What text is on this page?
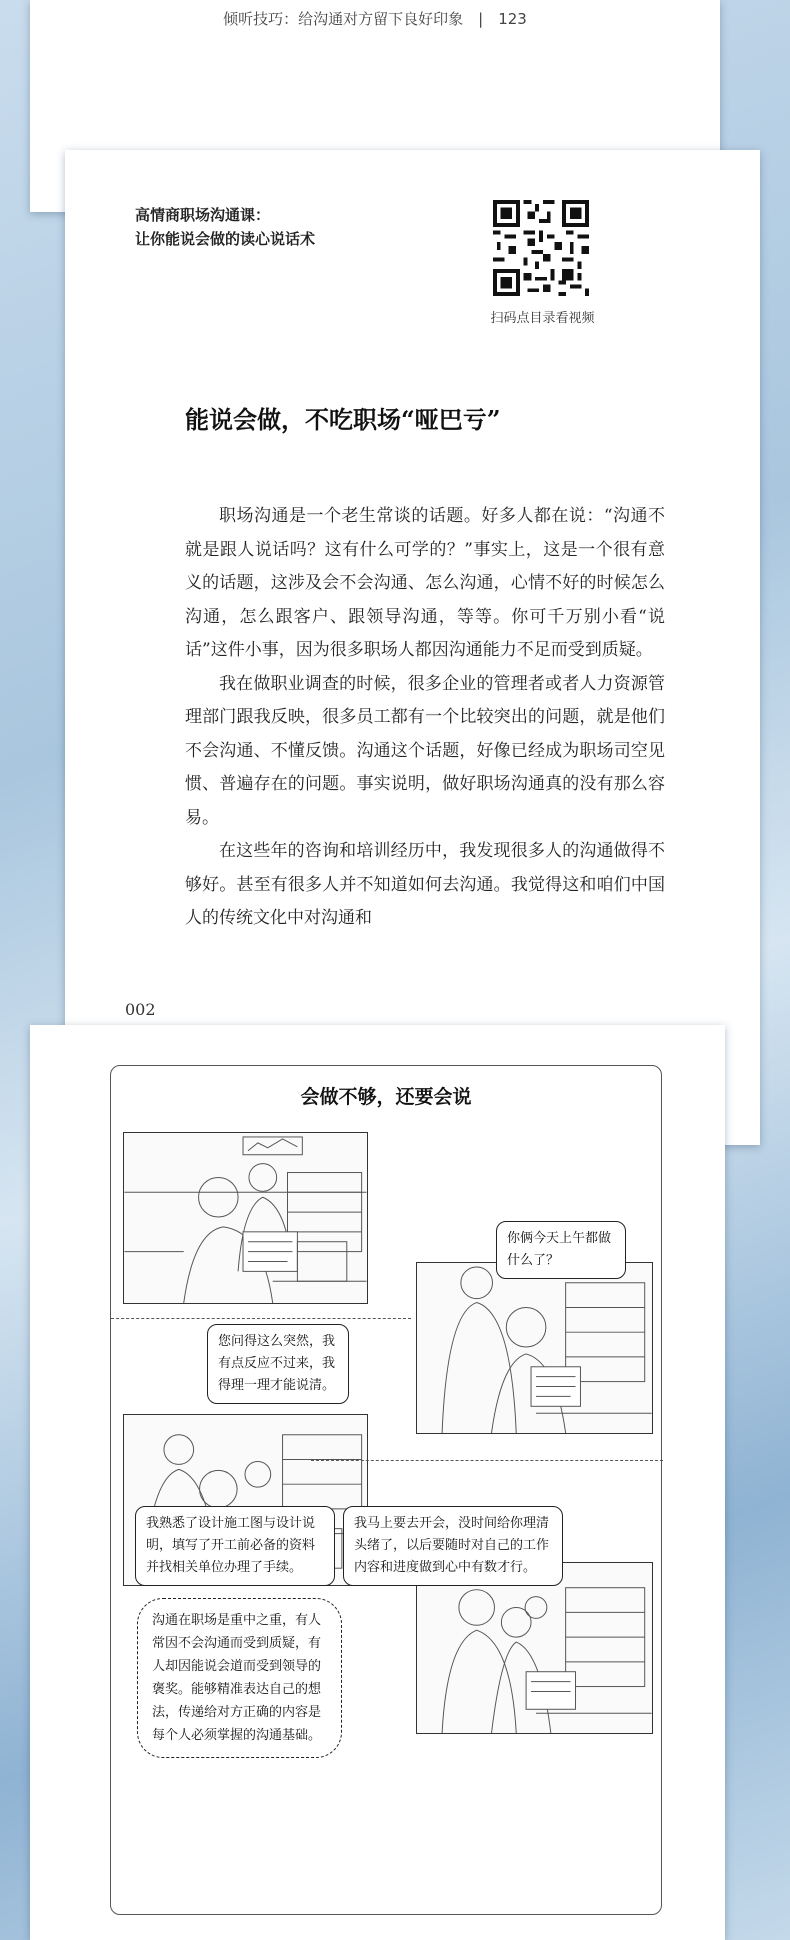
倾听技巧：给沟通对方留下良好印象　|　123
高情商职场沟通课：
让你能说会做的读心说话术
扫码点目录看视频
能说会做，不吃职场“哑巴亏”

职场沟通是一个老生常谈的话题。好多人都在说：“沟通不就是跟人说话吗？这有什么可学的？”事实上，这是一个很有意义的话题，这涉及会不会沟通、怎么沟通，心情不好的时候怎么沟通，怎么跟客户、跟领导沟通，等等。你可千万别小看“说话”这件小事，因为很多职场人都因沟通能力不足而受到质疑。

我在做职业调查的时候，很多企业的管理者或者人力资源管理部门跟我反映，很多员工都有一个比较突出的问题，就是他们不会沟通、不懂反馈。沟通这个话题，好像已经成为职场司空见惯、普遍存在的问题。事实说明，做好职场沟通真的没有那么容易。

在这些年的咨询和培训经历中，我发现很多人的沟通做得不够好。甚至有很多人并不知道如何去沟通。我觉得这和咱们中国人的传统文化中对沟通和

002
会做不够，还要会说
你俩今天上午都做什么了？
您问得这么突然，我有点反应不过来，我得理一理才能说清。
我熟悉了设计施工图与设计说明，填写了开工前必备的资料并找相关单位办理了手续。
我马上要去开会，没时间给你理清头绪了，以后要随时对自己的工作内容和进度做到心中有数才行。
沟通在职场是重中之重，有人常因不会沟通而受到质疑，有人却因能说会道而受到领导的褒奖。能够精准表达自己的想法，传递给对方正确的内容是每个人必须掌握的沟通基础。
